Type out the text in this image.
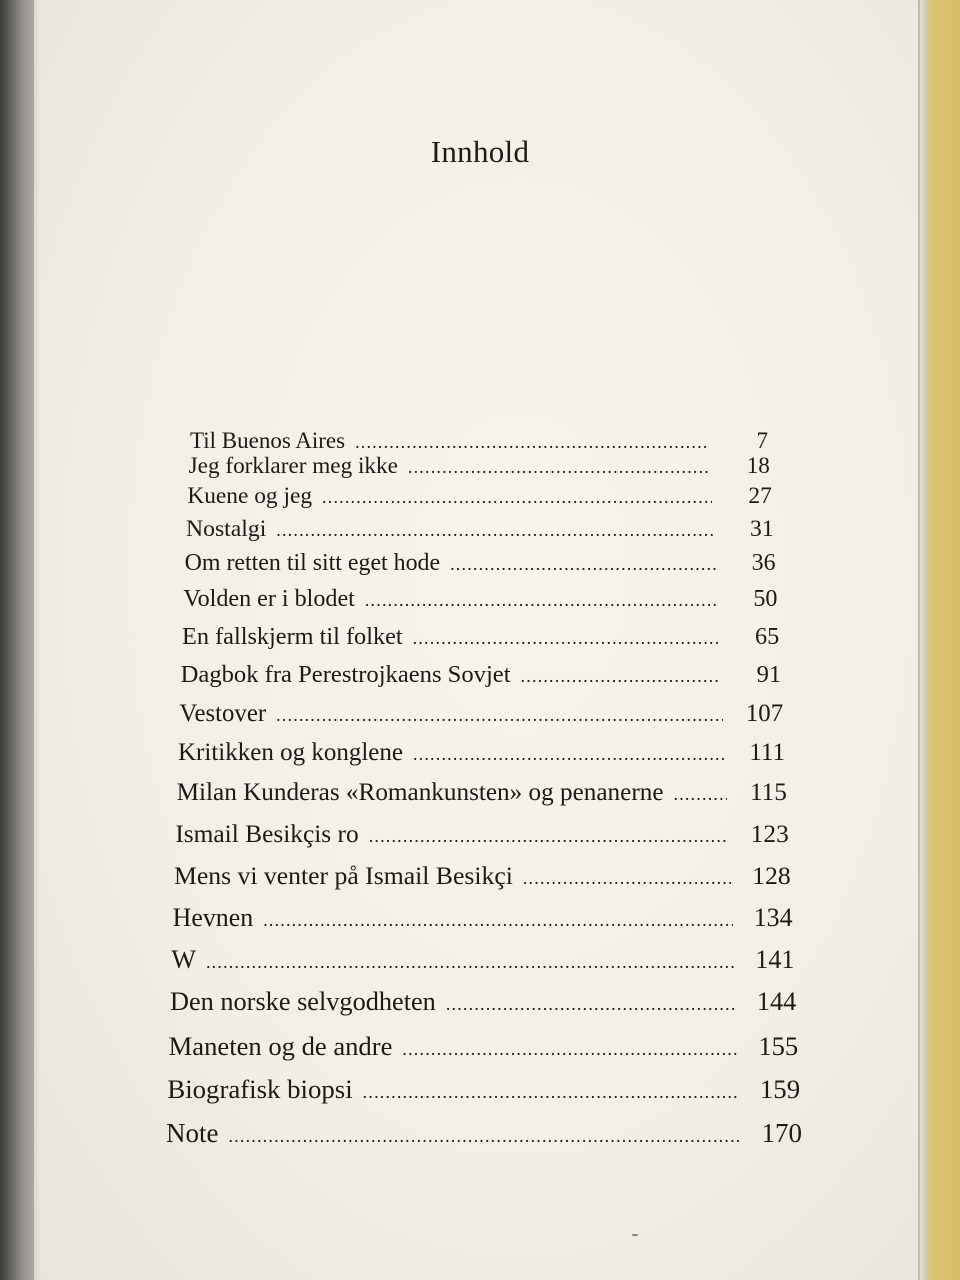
Innhold
Til Buenos Aires .....	7
Jeg forklarer meg ikke .....	18
Kuene og jeg .....	27
Nostalgi .....	31
Om retten til sitt eget hode .....	36
Volden er i blodet .....	50
En fallskjerm til folket .....	65
Dagbok fra Perestrojkaens Sovjet .....	91
Vestover .....	107
Kritikken og konglene .....	111
Milan Kunderas «Romankunsten» og penanerne .....	115
Ismail Besikçis ro .....	123
Mens vi venter på Ismail Besikçi .....	128
Hevnen .....	134
W .....	141
Den norske selvgodheten .....	144
Maneten og de andre .....	155
Biografisk biopsi .....	159
Note .....	170
